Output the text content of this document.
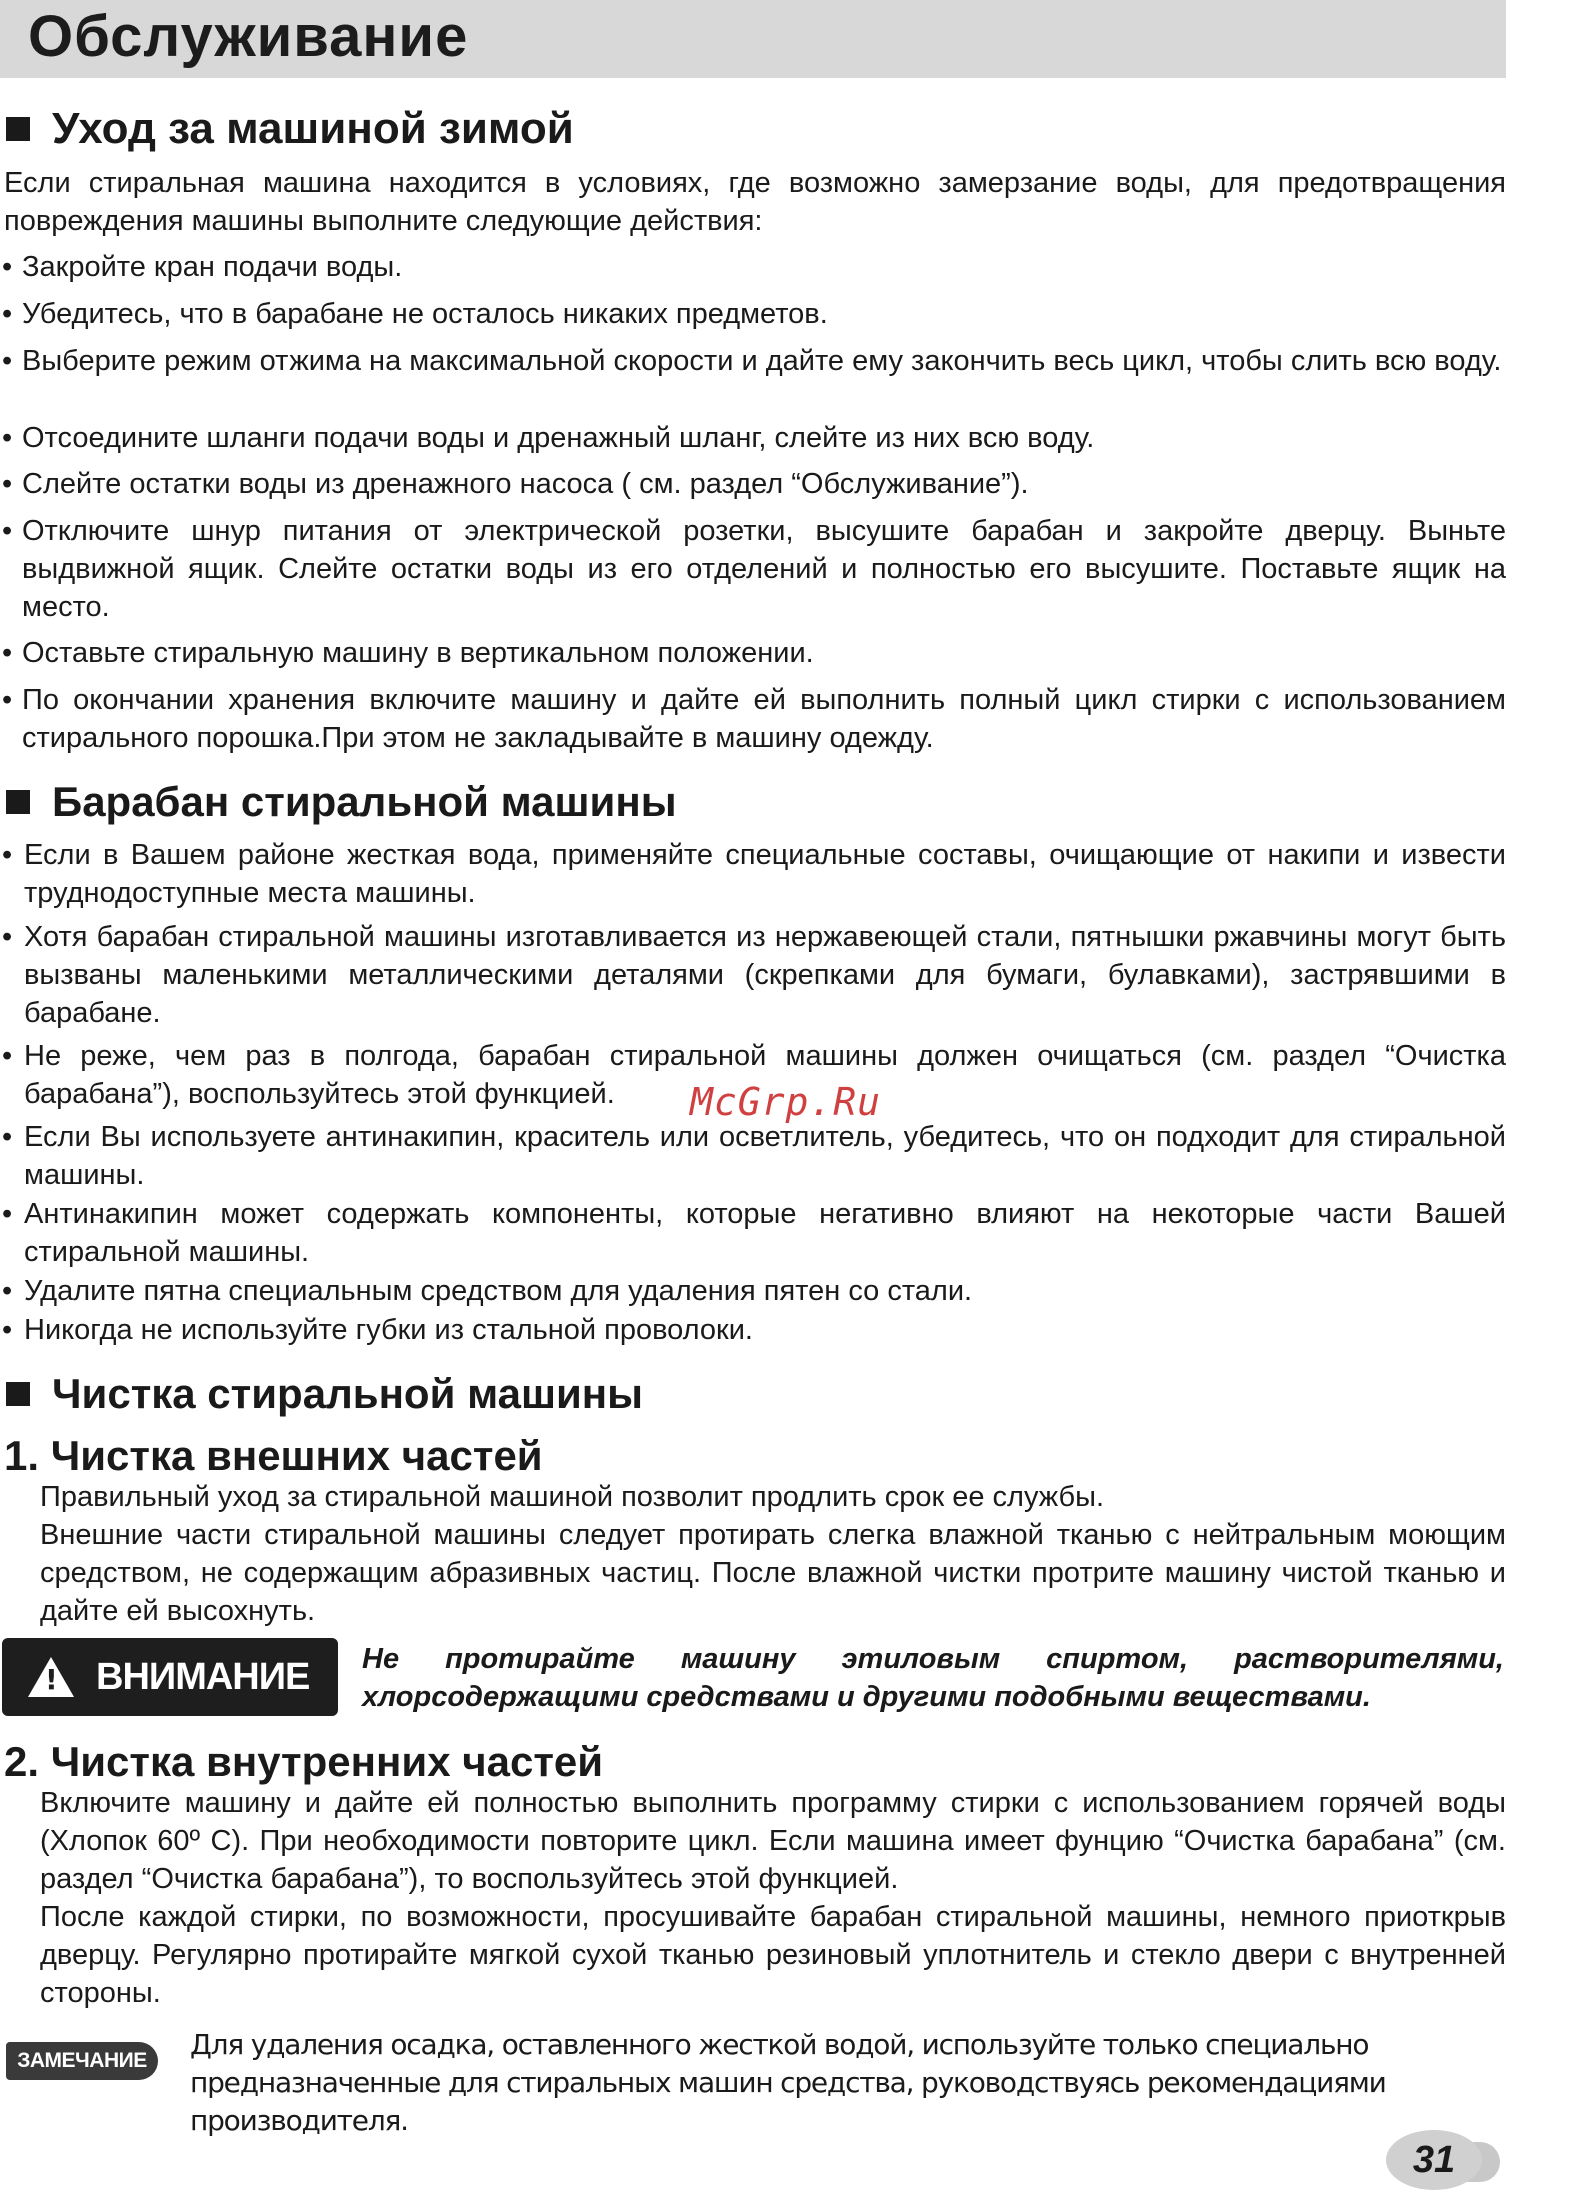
Обслуживание
Уход за машиной зимой
Если стиральная машина находится в условиях, где возможно замерзание воды, для предотвращения повреждения машины выполните следующие действия:
• Закройте кран подачи воды.
• Убедитесь, что в барабане не осталось никаких предметов.
• Выберите режим отжима на максимальной скорости и дайте ему закончить весь цикл, чтобы слить всю воду.
• Отсоедините шланги подачи воды и дренажный шланг, слейте из них всю воду.
• Слейте остатки воды из дренажного насоса ( см. раздел “Обслуживание”).
• Отключите шнур питания от электрической розетки, высушите барабан и закройте дверцу. Выньте выдвижной ящик. Слейте остатки воды из его отделений и полностью его высушите. Поставьте ящик на место.
• Оставьте стиральную машину в вертикальном положении.
• По окончании хранения включите машину и дайте ей выполнить полный цикл стирки с использованием стирального порошка.При этом не закладывайте в машину одежду.
Барабан стиральной машины
• Если в Вашем районе жесткая вода, применяйте специальные составы, очищающие от накипи и извести труднодоступные места машины.
• Хотя барабан стиральной машины изготавливается из нержавеющей стали, пятнышки ржавчины могут быть вызваны маленькими металлическими деталями (скрепками для бумаги, булавками), застрявшими в барабане.
• Не реже, чем раз в полгода, барабан стиральной машины должен очищаться (см. раздел “Очистка барабана”), воспользуйтесь этой функцией.
• Если Вы используете антинакипин, краситель или осветлитель, убедитесь, что он подходит для стиральной машины.
• Антинакипин может содержать компоненты, которые негативно влияют на некоторые части Вашей стиральной машины.
• Удалите пятна специальным средством для удаления пятен со стали.
• Никогда не используйте губки из стальной проволоки.
McGrp.Ru
Чистка стиральной машины
1. Чистка внешних частей
Правильный уход за стиральной машиной позволит продлить срок ее службы.
Внешние части стиральной машины следует протирать слегка влажной тканью с нейтральным моющим средством, не содержащим абразивных частиц. После влажной чистки протрите машину чистой тканью и дайте ей высохнуть.
! ВНИМАНИЕ Не протирайте машину этиловым спиртом, растворителями, хлорсодержащими средствами и другими подобными веществами.
2. Чистка внутренних частей
Включите машину и дайте ей полностью выполнить программу стирки с использованием горячей воды (Хлопок 60º С). При необходимости повторите цикл. Если машина имеет фунцию “Очистка барабана” (см. раздел “Очистка барабана”), то воспользуйтесь этой функцией.
После каждой стирки, по возможности, просушивайте барабан стиральной машины, немного приоткрыв дверцу. Регулярно протирайте мягкой сухой тканью резиновый уплотнитель и стекло двери с внутренней стороны.
ЗАМЕЧАНИЕ	Для удаления осадка, оставленного жесткой водой, используйте только специально предназначенные для стиральных машин средства, руководствуясь рекомендациями производителя.
31
